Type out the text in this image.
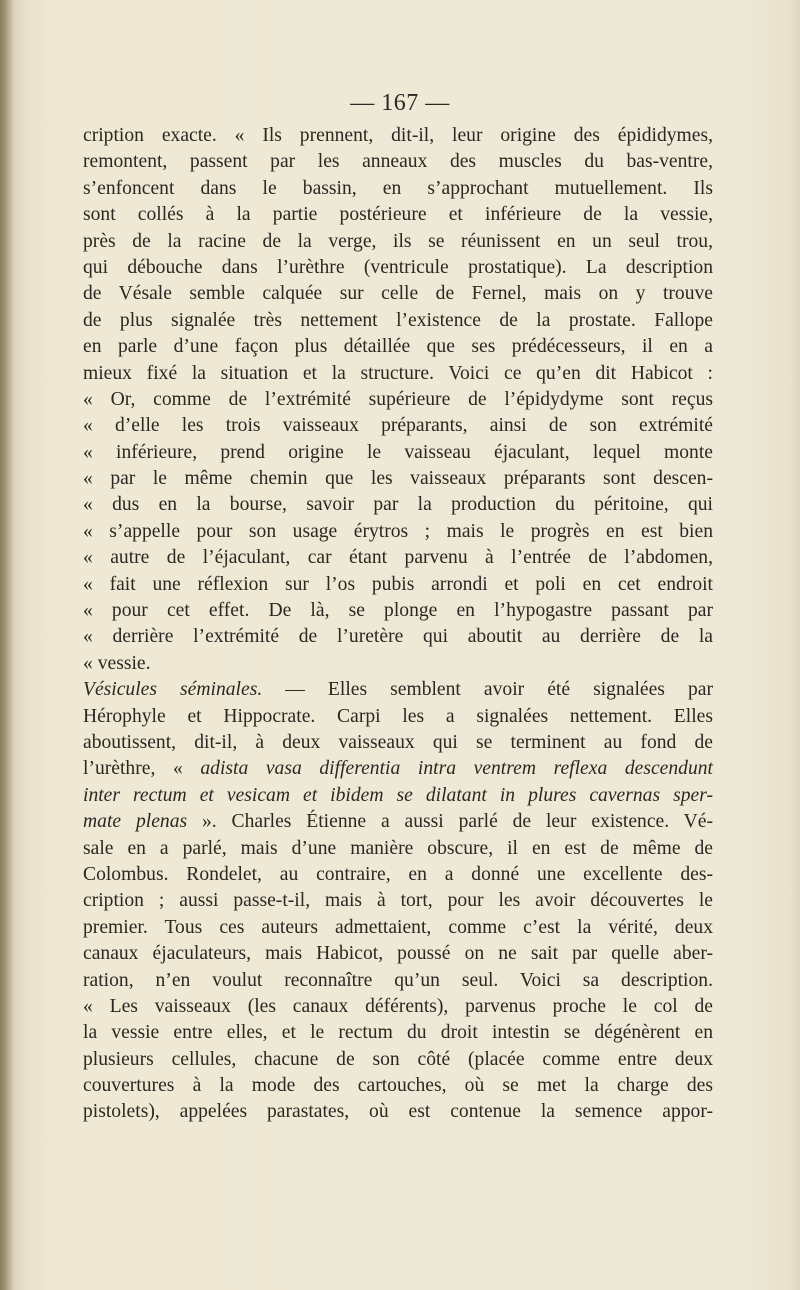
— 167 —
cription exacte. « Ils prennent, dit-il, leur origine des épididymes,
remontent, passent par les anneaux des muscles du bas-ventre,
s’enfoncent dans le bassin, en s’approchant mutuellement. Ils
sont collés à la partie postérieure et inférieure de la vessie,
près de la racine de la verge, ils se réunissent en un seul trou,
qui débouche dans l’urèthre (ventricule prostatique). La description
de Vésale semble calquée sur celle de Fernel, mais on y trouve
de plus signalée très nettement l’existence de la prostate. Fallope
en parle d’une façon plus détaillée que ses prédécesseurs, il en a
mieux fixé la situation et la structure. Voici ce qu’en dit Habicot :
« Or, comme de l’extrémité supérieure de l’épidydyme sont reçus
« d’elle les trois vaisseaux préparants, ainsi de son extrémité
« inférieure, prend origine le vaisseau éjaculant, lequel monte
« par le même chemin que les vaisseaux préparants sont descen-
« dus en la bourse, savoir par la production du péritoine, qui
« s’appelle pour son usage érytros ; mais le progrès en est bien
« autre de l’éjaculant, car étant parvenu à l’entrée de l’abdomen,
« fait une réflexion sur l’os pubis arrondi et poli en cet endroit
« pour cet effet. De là, se plonge en l’hypogastre passant par
« derrière l’extrémité de l’uretère qui aboutit au derrière de la
« vessie.
Vésicules séminales. — Elles semblent avoir été signalées par
Hérophyle et Hippocrate. Carpi les a signalées nettement. Elles
aboutissent, dit-il, à deux vaisseaux qui se terminent au fond de
l’urèthre, « adista vasa differentia intra ventrem reflexa descendunt
inter rectum et vesicam et ibidem se dilatant in plures cavernas sper-
mate plenas ». Charles Étienne a aussi parlé de leur existence. Vé-
sale en a parlé, mais d’une manière obscure, il en est de même de
Colombus. Rondelet, au contraire, en a donné une excellente des-
cription ; aussi passe-t-il, mais à tort, pour les avoir découvertes le
premier. Tous ces auteurs admettaient, comme c’est la vérité, deux
canaux éjaculateurs, mais Habicot, poussé on ne sait par quelle aber-
ration, n’en voulut reconnaître qu’un seul. Voici sa description.
« Les vaisseaux (les canaux déférents), parvenus proche le col de
la vessie entre elles, et le rectum du droit intestin se dégénèrent en
plusieurs cellules, chacune de son côté (placée comme entre deux
couvertures à la mode des cartouches, où se met la charge des
pistolets), appelées parastates, où est contenue la semence appor-
